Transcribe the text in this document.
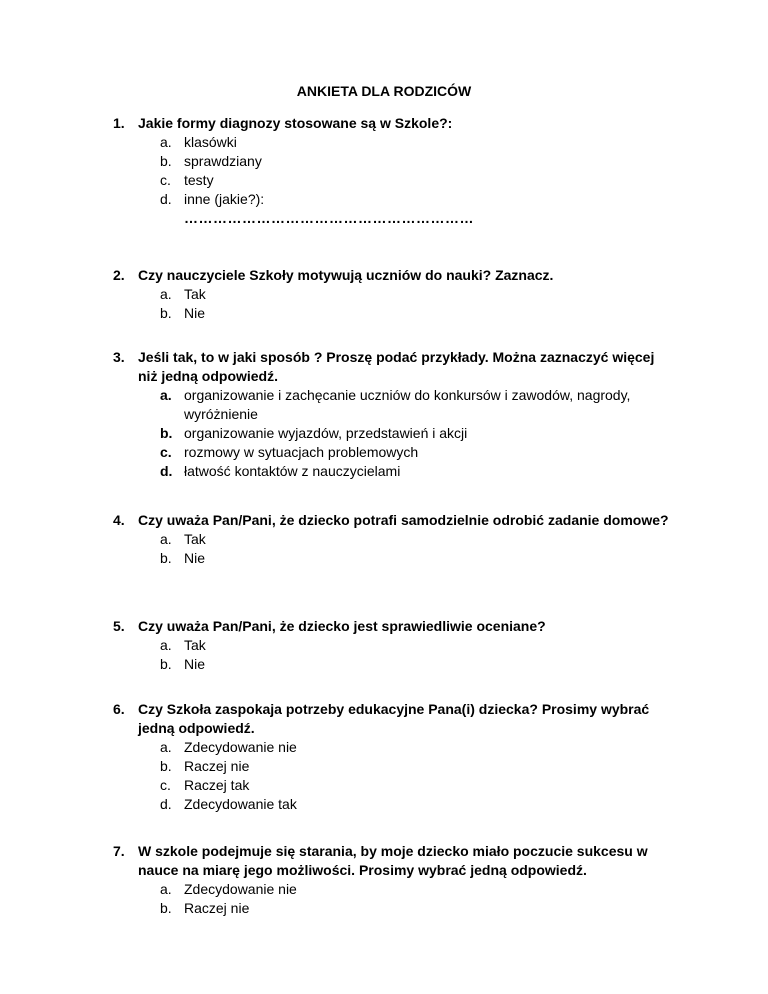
ANKIETA DLA RODZICÓW
1. Jakie formy diagnozy stosowane są w Szkole?:
a. klasówki
b. sprawdziany
c. testy
d. inne (jakie?):
……………………………………………………
2. Czy nauczyciele Szkoły motywują uczniów do nauki? Zaznacz.
a. Tak
b. Nie
3. Jeśli tak, to w jaki sposób ? Proszę podać przykłady. Można zaznaczyć więcej niż jedną odpowiedź.
a. organizowanie i zachęcanie uczniów do konkursów i zawodów, nagrody, wyróżnienie
b. organizowanie wyjazdów, przedstawień i akcji
c. rozmowy w sytuacjach problemowych
d. łatwość kontaktów z nauczycielami
4. Czy uważa Pan/Pani, że dziecko potrafi samodzielnie odrobić zadanie domowe?
a. Tak
b. Nie
5. Czy uważa Pan/Pani, że dziecko jest sprawiedliwie oceniane?
a. Tak
b. Nie
6. Czy Szkoła zaspokaja potrzeby edukacyjne Pana(i) dziecka? Prosimy wybrać jedną odpowiedź.
a. Zdecydowanie nie
b. Raczej nie
c. Raczej tak
d. Zdecydowanie tak
7. W szkole podejmuje się starania, by moje dziecko miało poczucie sukcesu w nauce na miarę jego możliwości. Prosimy wybrać jedną odpowiedź.
a. Zdecydowanie nie
b. Raczej nie
